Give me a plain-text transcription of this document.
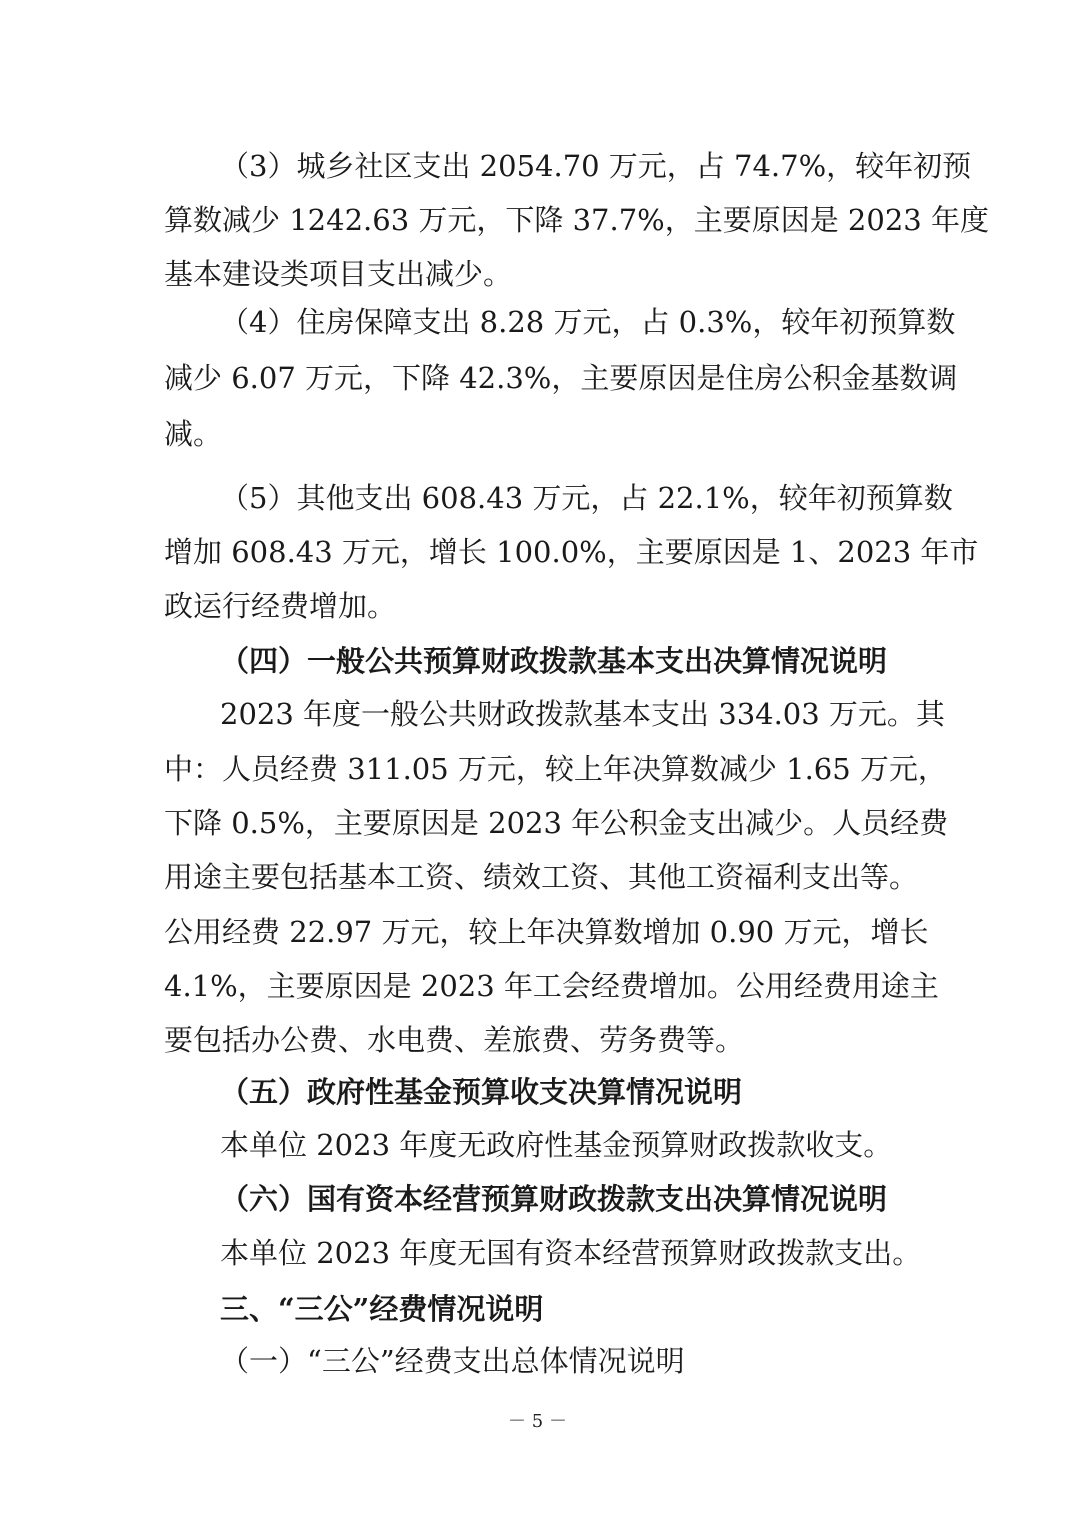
（3）城乡社区支出 2054.70 万元，占 74.7%，较年初预
算数减少 1242.63 万元，下降 37.7%，主要原因是 2023 年度
基本建设类项目支出减少。
（4）住房保障支出 8.28 万元，占 0.3%，较年初预算数
减少 6.07 万元，下降 42.3%，主要原因是住房公积金基数调
减。
（5）其他支出 608.43 万元，占 22.1%，较年初预算数
增加 608.43 万元，增长 100.0%，主要原因是 1、2023 年市
政运行经费增加。
（四）一般公共预算财政拨款基本支出决算情况说明
2023 年度一般公共财政拨款基本支出 334.03 万元。其
中：人员经费 311.05 万元，较上年决算数减少 1.65 万元，
下降 0.5%，主要原因是 2023 年公积金支出减少。人员经费
用途主要包括基本工资、绩效工资、其他工资福利支出等。
公用经费 22.97 万元，较上年决算数增加 0.90 万元，增长
4.1%，主要原因是 2023 年工会经费增加。公用经费用途主
要包括办公费、水电费、差旅费、劳务费等。
（五）政府性基金预算收支决算情况说明
本单位 2023 年度无政府性基金预算财政拨款收支。
（六）国有资本经营预算财政拨款支出决算情况说明
本单位 2023 年度无国有资本经营预算财政拨款支出。
三、“三公”经费情况说明
（一）“三公”经费支出总体情况说明
－ 5 －
